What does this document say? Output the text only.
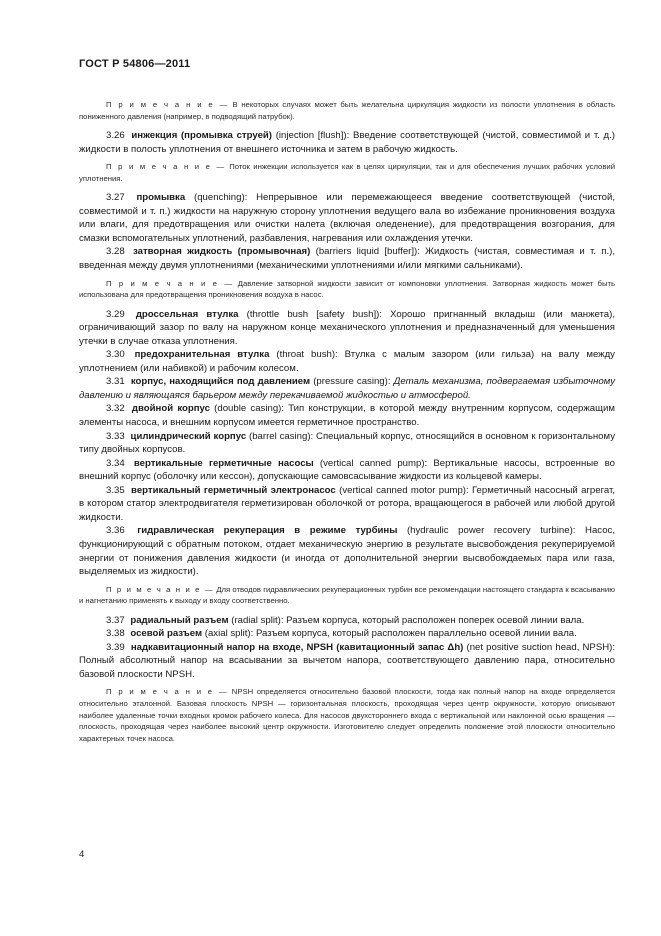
ГОСТ Р 54806—2011

П р и м е ч а н и е — В некоторых случаях может быть желательна циркуляция жидкости из полости уплотнения в область пониженного давления (например, в подводящий патрубок).

3.26 инжекция (промывка струей) (injection [flush]): Введение соответствующей (чистой, совместимой и т. д.) жидкости в полость уплотнения от внешнего источника и затем в рабочую жидкость.

П р и м е ч а н и е — Поток инжекции используется как в целях циркуляции, так и для обеспечения лучших рабочих условий уплотнения.

3.27 промывка (quenching): Непрерывное или перемежающееся введение соответствующей (чистой, совместимой и т. п.) жидкости на наружную сторону уплотнения ведущего вала во избежание проникновения воздуха или влаги, для предотвращения или очистки налета (включая оледенение), для предотвращения возгорания, для смазки вспомогательных уплотнений, разбавления, нагревания или охлаждения утечки.

3.28 затворная жидкость (промывочная) (barriers liquid [buffer]): Жидкость (чистая, совместимая и т. п.), введенная между двумя уплотнениями (механическими уплотнениями и/или мягкими сальниками).

П р и м е ч а н и е — Давление затворной жидкости зависит от компоновки уплотнения. Затворная жидкость может быть использована для предотвращения проникновения воздуха в насос.

3.29 дроссельная втулка (throttle bush [safety bush]): Хорошо пригнанный вкладыш (или манжета), ограничивающий зазор по валу на наружном конце механического уплотнения и предназначенный для уменьшения утечки в случае отказа уплотнения.

3.30 предохранительная втулка (throat bush): Втулка с малым зазором (или гильза) на валу между уплотнением (или набивкой) и рабочим колесом.

3.31 корпус, находящийся под давлением (pressure casing): Деталь механизма, подвергаемая избыточному давлению и являющаяся барьером между перекачиваемой жидкостью и атмосферой.

3.32 двойной корпус (double casing): Тип конструкции, в которой между внутренним корпусом, содержащим элементы насоса, и внешним корпусом имеется герметичное пространство.

3.33 цилиндрический корпус (barrel casing): Специальный корпус, относящийся в основном к горизонтальному типу двойных корпусов.

3.34 вертикальные герметичные насосы (vertical canned pump): Вертикальные насосы, встроенные во внешний корпус (оболочку или кессон), допускающие самовсасывание жидкости из кольцевой камеры.

3.35 вертикальный герметичный электронасос (vertical canned motor pump): Герметичный насосный агрегат, в котором статор электродвигателя герметизирован оболочкой от ротора, вращающегося в рабочей или любой другой жидкости.

3.36 гидравлическая рекуперация в режиме турбины (hydraulic power recovery turbine): Насос, функционирующий с обратным потоком, отдает механическую энергию в результате высвобождения рекуперируемой энергии от понижения давления жидкости (и иногда от дополнительной энергии высвобождаемых пара или газа, выделяемых из жидкости).

П р и м е ч а н и е — Для отводов гидравлических рекуперационных турбин все рекомендации настоящего стандарта к всасыванию и нагнетанию применять к выходу и входу соответственно.

3.37 радиальный разъем (radial split): Разъем корпуса, который расположен поперек осевой линии вала.

3.38 осевой разъем (axial split): Разъем корпуса, который расположен параллельно осевой линии вала.

3.39 надкавитационный напор на входе, NPSH (кавитационный запас Δh) (net positive suction head, NPSH): Полный абсолютный напор на всасывании за вычетом напора, соответствующего давлению пара, относительно базовой плоскости NPSH.

П р и м е ч а н и е — NPSH определяется относительно базовой плоскости, тогда как полный напор на входе определяется относительно эталонной. Базовая плоскость NPSH — горизонтальная плоскость, проходящая через центр окружности, которую описывают наиболее удаленные точки входных кромок рабочего колеса. Для насосов двухстороннего входа с вертикальной или наклонной осью вращения — плоскость, проходящая через наиболее высокий центр окружности. Изготовителю следует определить положение этой плоскости относительно характерных точек насоса.

4
